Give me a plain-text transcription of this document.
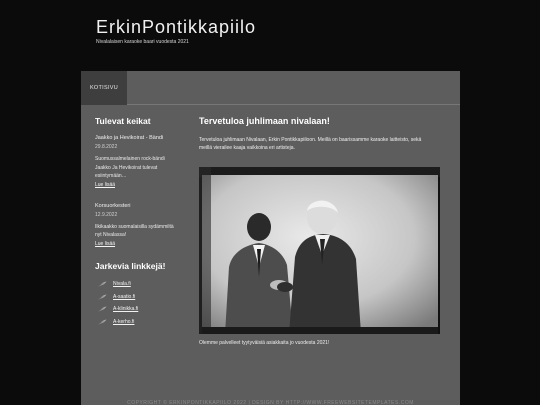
ErkinPontikkapiilo
Nivalalaisen karaoke baari vuodesta 2021
KOTISIVU
Tulevat keikat
Jaakko ja Hevikoirat - Bändi
29.8.2022
Suomussalmelainen rock-bändi Jaakko Ja Hevikoirat tulevat esiintymään…
Lue lisää
Korsuorkesteri
12.9.2022
Ilkikaakko suomalaisilla sydämmiltä nyt Nivalassa!
Lue lisää
Jarkevia linkkejä!
Nivala.fi
A-saatio.fi
A-klinikka.fi
A-kerho.fi
Tervetuloa juhlimaan nivalaan!

Tervetuloa juhlimaan Nivalaan, Erkin Pontikkapiiloon. Meillä on baarissamme karaoke laitteisto, sekä meillä vierailee kaaja vaikkoina eri artisteja.

Olemme palvelleet tyytyväisiä asiakkaita jo vuodesta 2021!
COPYRIGHT © ERKINPONTIKKAPIILO 2022 | DESIGN BY HTTP://WWW.FREEWEBSITETEMPLATES.COM
